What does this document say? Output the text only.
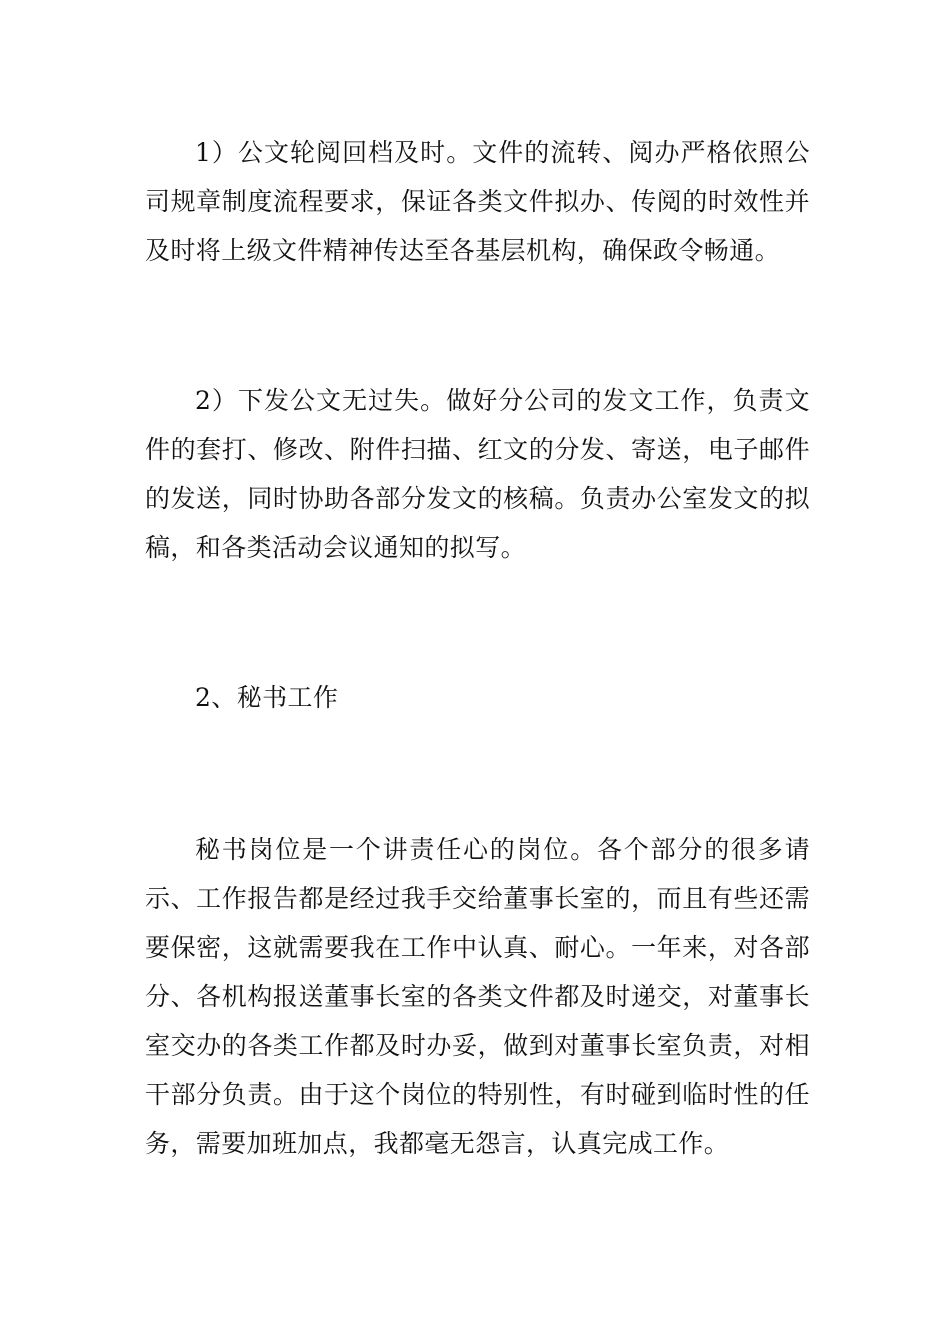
1）公文轮阅回档及时。文件的流转、阅办严格依照公司规章制度流程要求，保证各类文件拟办、传阅的时效性并及时将上级文件精神传达至各基层机构，确保政令畅通。

2）下发公文无过失。做好分公司的发文工作，负责文件的套打、修改、附件扫描、红文的分发、寄送，电子邮件的发送，同时协助各部分发文的核稿。负责办公室发文的拟稿，和各类活动会议通知的拟写。

2、秘书工作

秘书岗位是一个讲责任心的岗位。各个部分的很多请示、工作报告都是经过我手交给董事长室的，而且有些还需要保密，这就需要我在工作中认真、耐心。一年来，对各部分、各机构报送董事长室的各类文件都及时递交，对董事长室交办的各类工作都及时办妥，做到对董事长室负责，对相干部分负责。由于这个岗位的特别性，有时碰到临时性的任务，需要加班加点，我都毫无怨言，认真完成工作。
